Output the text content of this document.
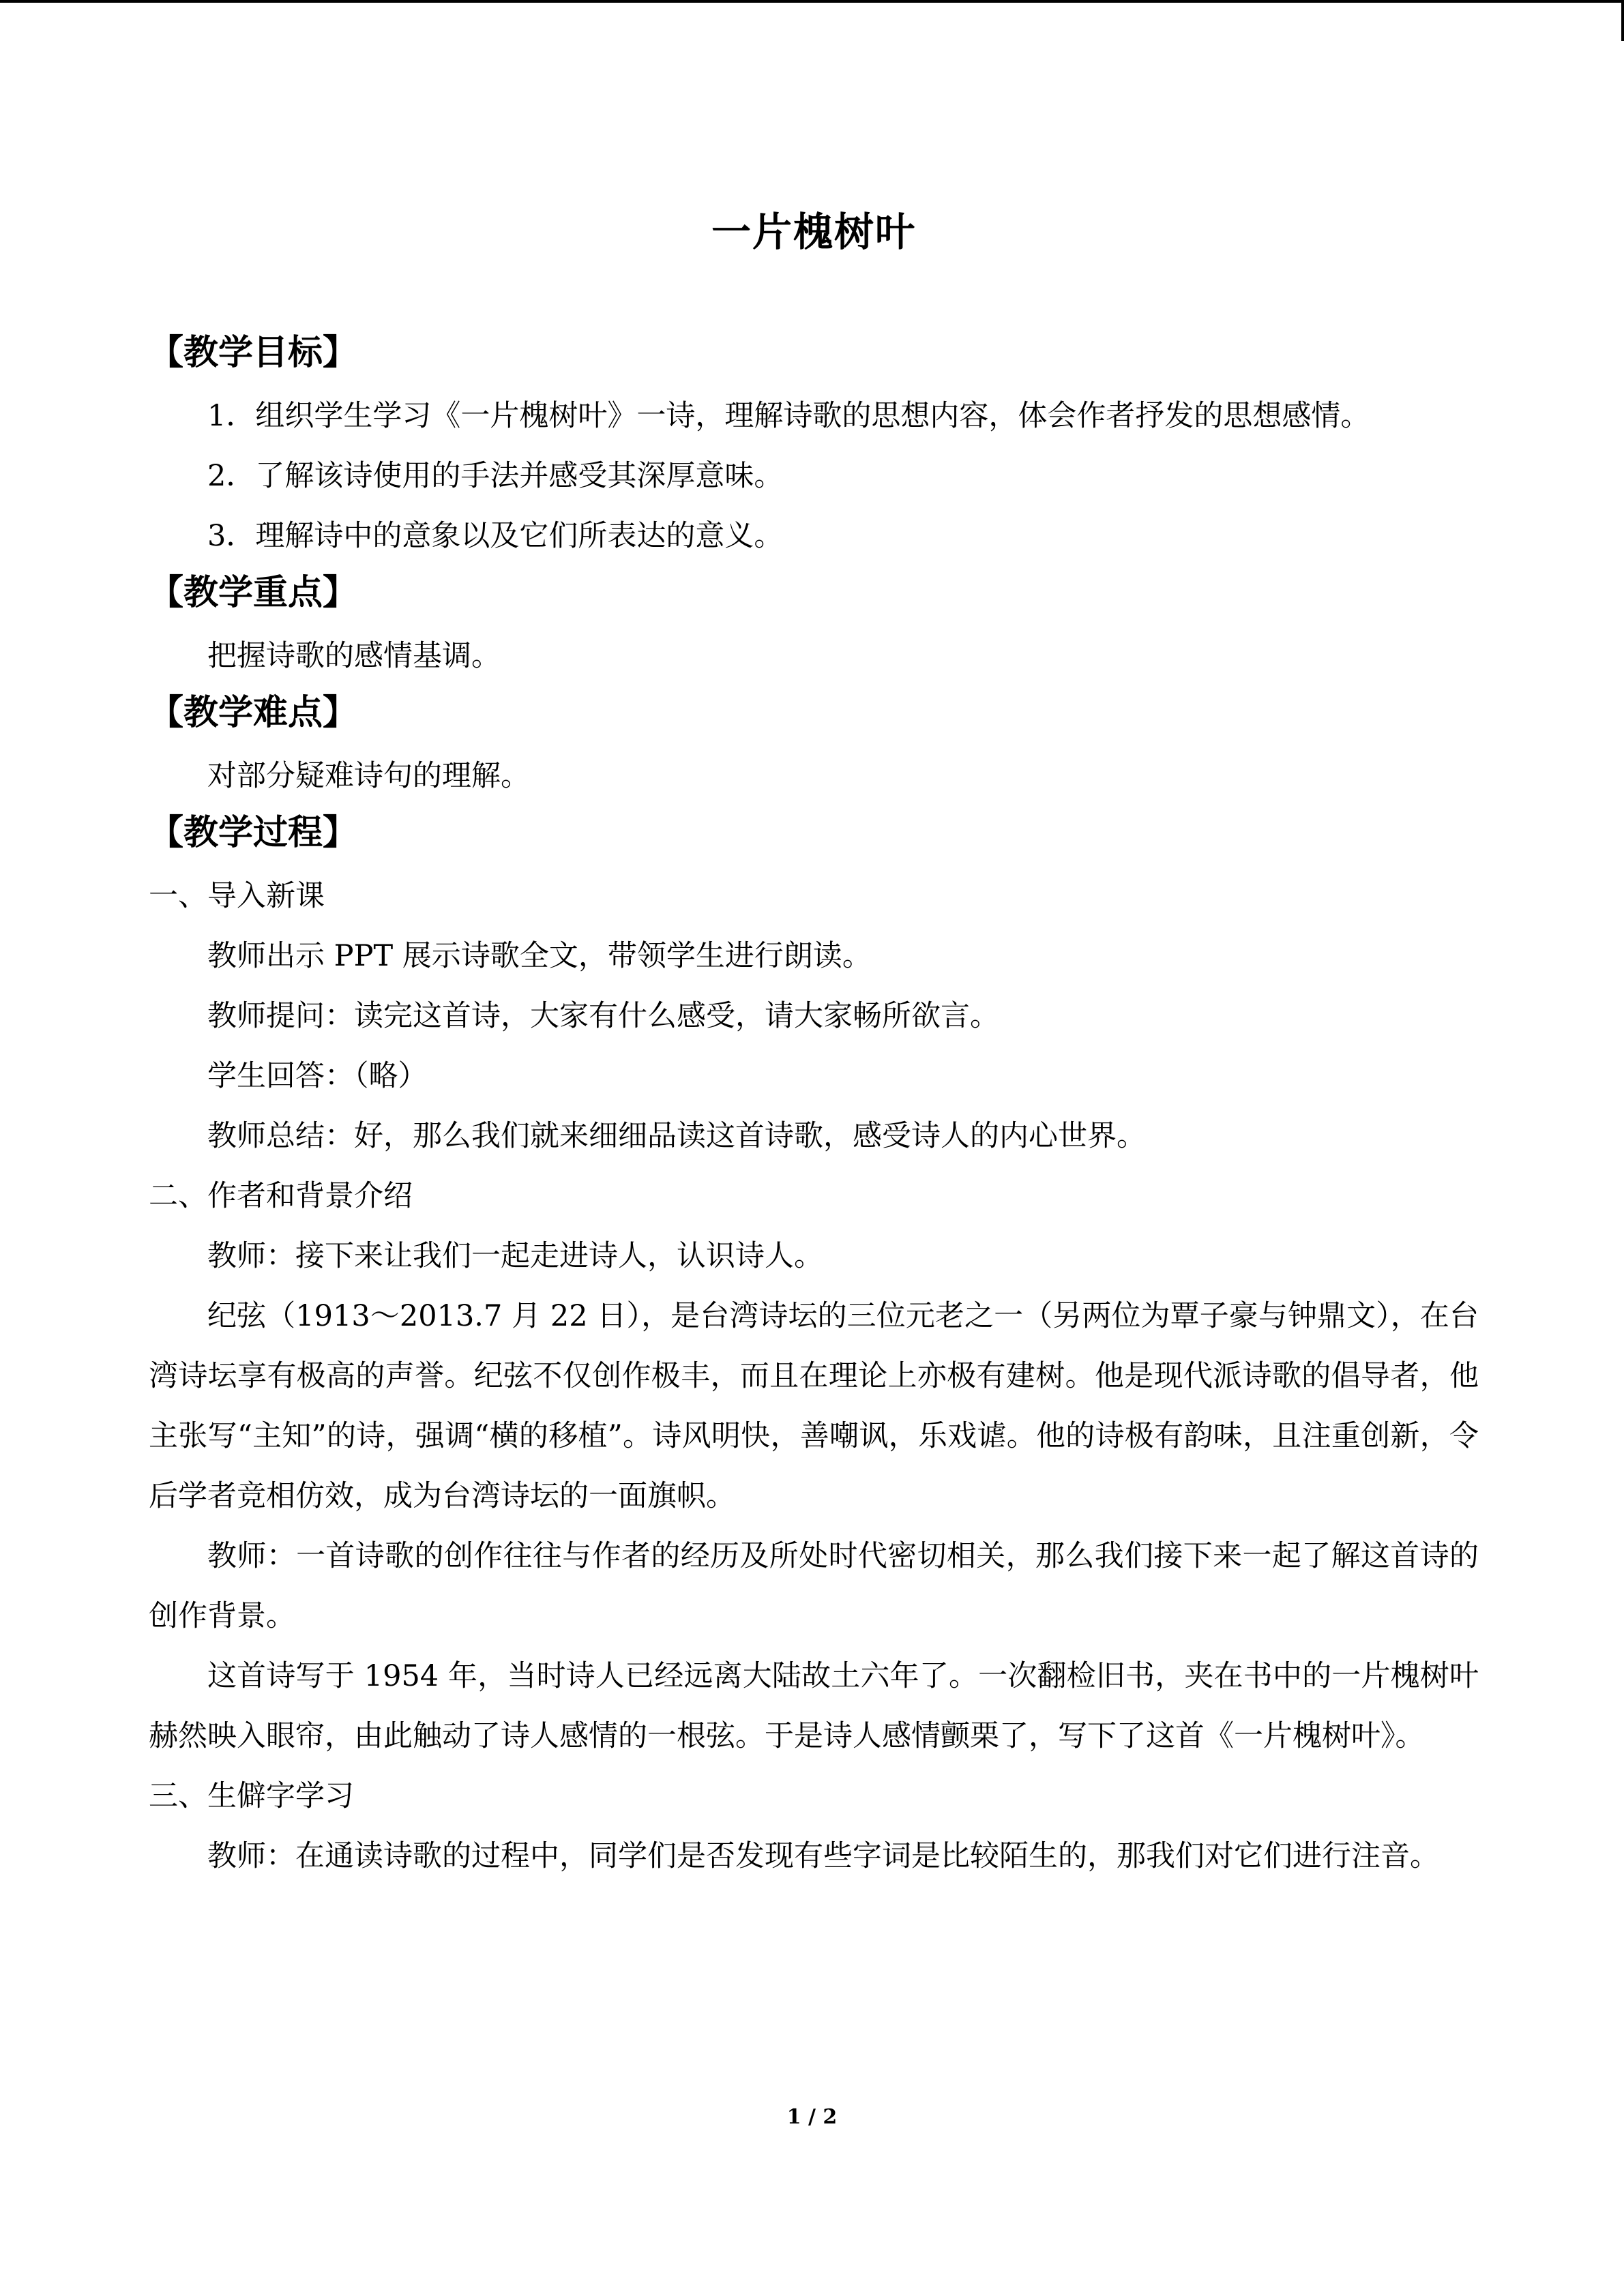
一片槐树叶
【教学目标】

1．组织学生学习《一片槐树叶》一诗，理解诗歌的思想内容，体会作者抒发的思想感情。

2．了解该诗使用的手法并感受其深厚意味。

3．理解诗中的意象以及它们所表达的意义。

【教学重点】

把握诗歌的感情基调。

【教学难点】

对部分疑难诗句的理解。

【教学过程】

一、导入新课

教师出示 PPT 展示诗歌全文，带领学生进行朗读。

教师提问：读完这首诗，大家有什么感受，请大家畅所欲言。

学生回答：（略）

教师总结：好，那么我们就来细细品读这首诗歌，感受诗人的内心世界。

二、作者和背景介绍

教师：接下来让我们一起走进诗人，认识诗人。

纪弦（1913～2013.7 月 22 日），是台湾诗坛的三位元老之一（另两位为覃子豪与钟鼎文），在台湾诗坛享有极高的声誉。纪弦不仅创作极丰，而且在理论上亦极有建树。他是现代派诗歌的倡导者，他主张写“主知”的诗，强调“横的移植”。诗风明快，善嘲讽，乐戏谑。他的诗极有韵味，且注重创新，令后学者竞相仿效，成为台湾诗坛的一面旗帜。

教师：一首诗歌的创作往往与作者的经历及所处时代密切相关，那么我们接下来一起了解这首诗的创作背景。

这首诗写于 1954 年，当时诗人已经远离大陆故土六年了。一次翻检旧书，夹在书中的一片槐树叶赫然映入眼帘，由此触动了诗人感情的一根弦。于是诗人感情颤栗了，写下了这首《一片槐树叶》。

三、生僻字学习

教师：在通读诗歌的过程中，同学们是否发现有些字词是比较陌生的，那我们对它们进行注音。

1 / 2
